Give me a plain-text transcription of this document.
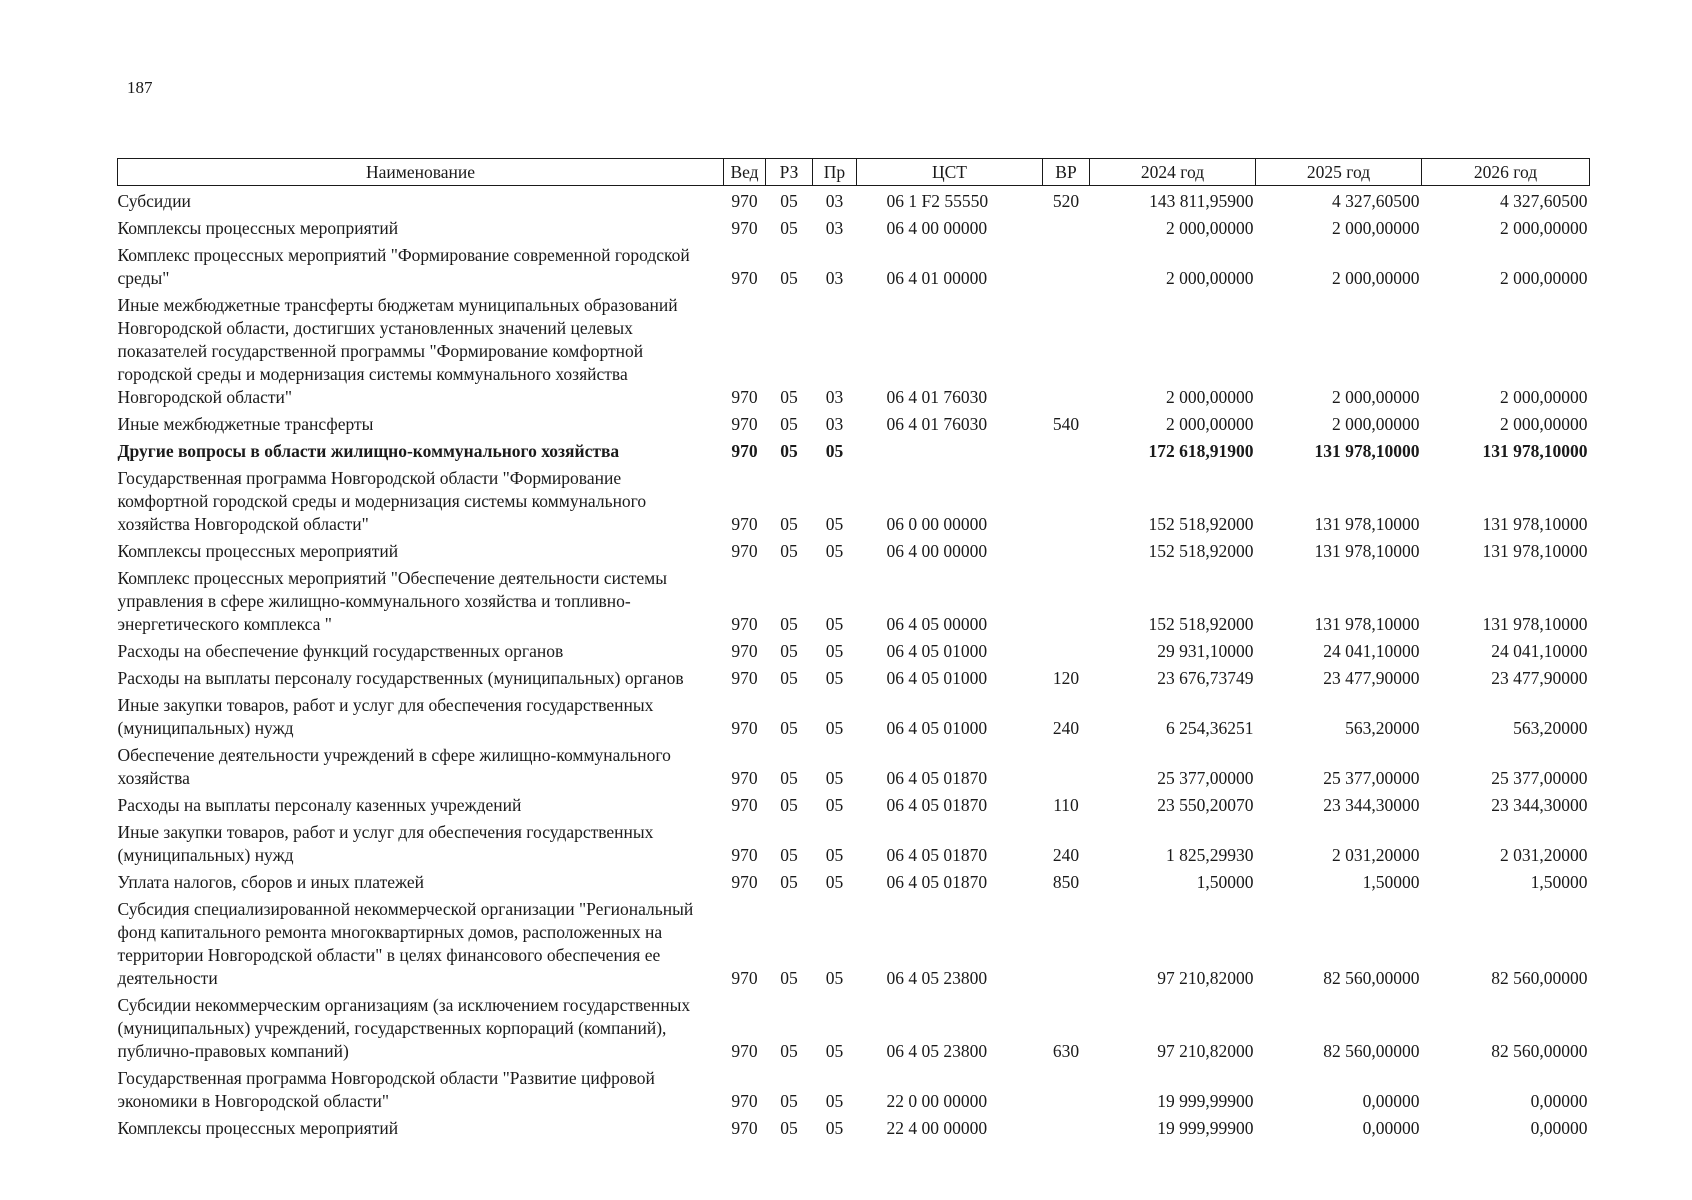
187
Наименование	Вед	РЗ	Пр	ЦСТ	ВР	2024 год	2025 год	2026 год
Субсидии	970	05	03	06 1 F2 55550	520	143 811,95900	4 327,60500	4 327,60500
Комплексы процессных мероприятий	970	05	03	06 4 00 00000		2 000,00000	2 000,00000	2 000,00000
Комплекс процессных мероприятий "Формирование современной городской среды"	970	05	03	06 4 01 00000		2 000,00000	2 000,00000	2 000,00000
Иные межбюджетные трансферты бюджетам муниципальных образований Новгородской области, достигших установленных значений целевых показателей государственной программы "Формирование комфортной городской среды и модернизация системы коммунального хозяйства Новгородской области"	970	05	03	06 4 01 76030		2 000,00000	2 000,00000	2 000,00000
Иные межбюджетные трансферты	970	05	03	06 4 01 76030	540	2 000,00000	2 000,00000	2 000,00000
Другие вопросы в области жилищно-коммунального хозяйства	970	05	05			172 618,91900	131 978,10000	131 978,10000
Государственная программа Новгородской области "Формирование комфортной городской среды и модернизация системы коммунального хозяйства Новгородской области"	970	05	05	06 0 00 00000		152 518,92000	131 978,10000	131 978,10000
Комплексы процессных мероприятий	970	05	05	06 4 00 00000		152 518,92000	131 978,10000	131 978,10000
Комплекс процессных мероприятий "Обеспечение деятельности системы управления в сфере жилищно-коммунального хозяйства и топливно-энергетического комплекса "	970	05	05	06 4 05 00000		152 518,92000	131 978,10000	131 978,10000
Расходы на обеспечение функций государственных органов	970	05	05	06 4 05 01000		29 931,10000	24 041,10000	24 041,10000
Расходы на выплаты персоналу государственных (муниципальных) органов	970	05	05	06 4 05 01000	120	23 676,73749	23 477,90000	23 477,90000
Иные закупки товаров, работ и услуг для обеспечения государственных (муниципальных) нужд	970	05	05	06 4 05 01000	240	6 254,36251	563,20000	563,20000
Обеспечение деятельности учреждений в сфере жилищно-коммунального хозяйства	970	05	05	06 4 05 01870		25 377,00000	25 377,00000	25 377,00000
Расходы на выплаты персоналу казенных учреждений	970	05	05	06 4 05 01870	110	23 550,20070	23 344,30000	23 344,30000
Иные закупки товаров, работ и услуг для обеспечения государственных (муниципальных) нужд	970	05	05	06 4 05 01870	240	1 825,29930	2 031,20000	2 031,20000
Уплата налогов, сборов и иных платежей	970	05	05	06 4 05 01870	850	1,50000	1,50000	1,50000
Субсидия специализированной некоммерческой организации "Региональный фонд капитального ремонта многоквартирных домов, расположенных на территории Новгородской области" в целях финансового обеспечения ее деятельности	970	05	05	06 4 05 23800		97 210,82000	82 560,00000	82 560,00000
Субсидии некоммерческим организациям (за исключением государственных (муниципальных) учреждений, государственных корпораций (компаний), публично-правовых компаний)	970	05	05	06 4 05 23800	630	97 210,82000	82 560,00000	82 560,00000
Государственная программа Новгородской области "Развитие цифровой экономики в Новгородской области"	970	05	05	22 0 00 00000		19 999,99900	0,00000	0,00000
Комплексы процессных мероприятий	970	05	05	22 4 00 00000		19 999,99900	0,00000	0,00000
